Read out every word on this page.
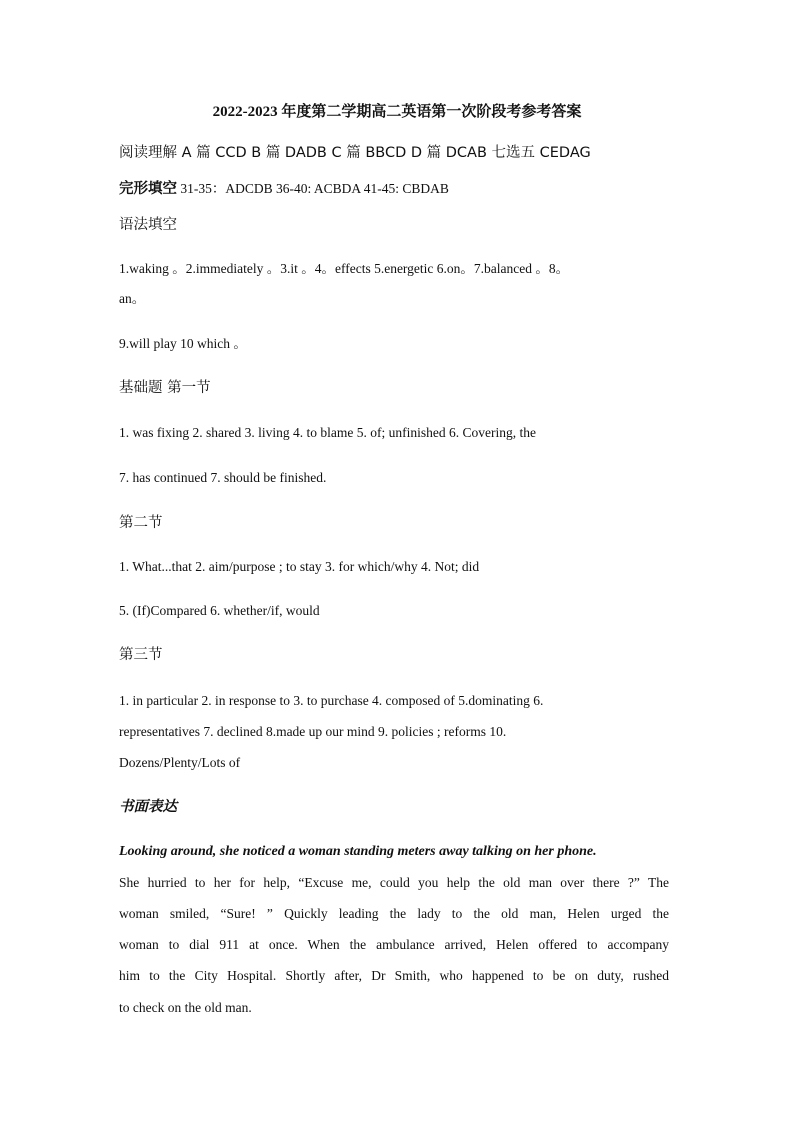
2022-2023 年度第二学期高二英语第一次阶段考参考答案
阅读理解 A 篇 CCD B 篇 DADB C 篇 BBCD D 篇 DCAB 七选五 CEDAG
完形填空 31-35：ADCDB 36-40: ACBDA 41-45: CBDAB
语法填空
1.waking 。2.immediately 。3.it 。4。effects 5.energetic 6.on。7.balanced 。8。
an。
9.will play 10 which 。
基础题 第一节
1. was fixing 2. shared 3. living 4. to blame 5. of; unfinished 6. Covering, the
7. has continued 7. should be finished.
第二节
1. What...that 2. aim/purpose ; to stay 3. for which/why 4. Not; did
5. (If)Compared 6. whether/if, would
第三节
1. in particular 2. in response to 3. to purchase 4. composed of 5.dominating 6.
representatives 7. declined 8.made up our mind 9. policies ; reforms 10.
Dozens/Plenty/Lots of
书面表达
Looking around, she noticed a woman standing meters away talking on her phone.
She hurried to her for help, “Excuse me, could you help the old man over there ?” The
woman smiled, “Sure! ” Quickly leading the lady to the old man, Helen urged the
woman to dial 911 at once. When the ambulance arrived, Helen offered to accompany
him to the City Hospital. Shortly after, Dr Smith, who happened to be on duty, rushed
to check on the old man.
